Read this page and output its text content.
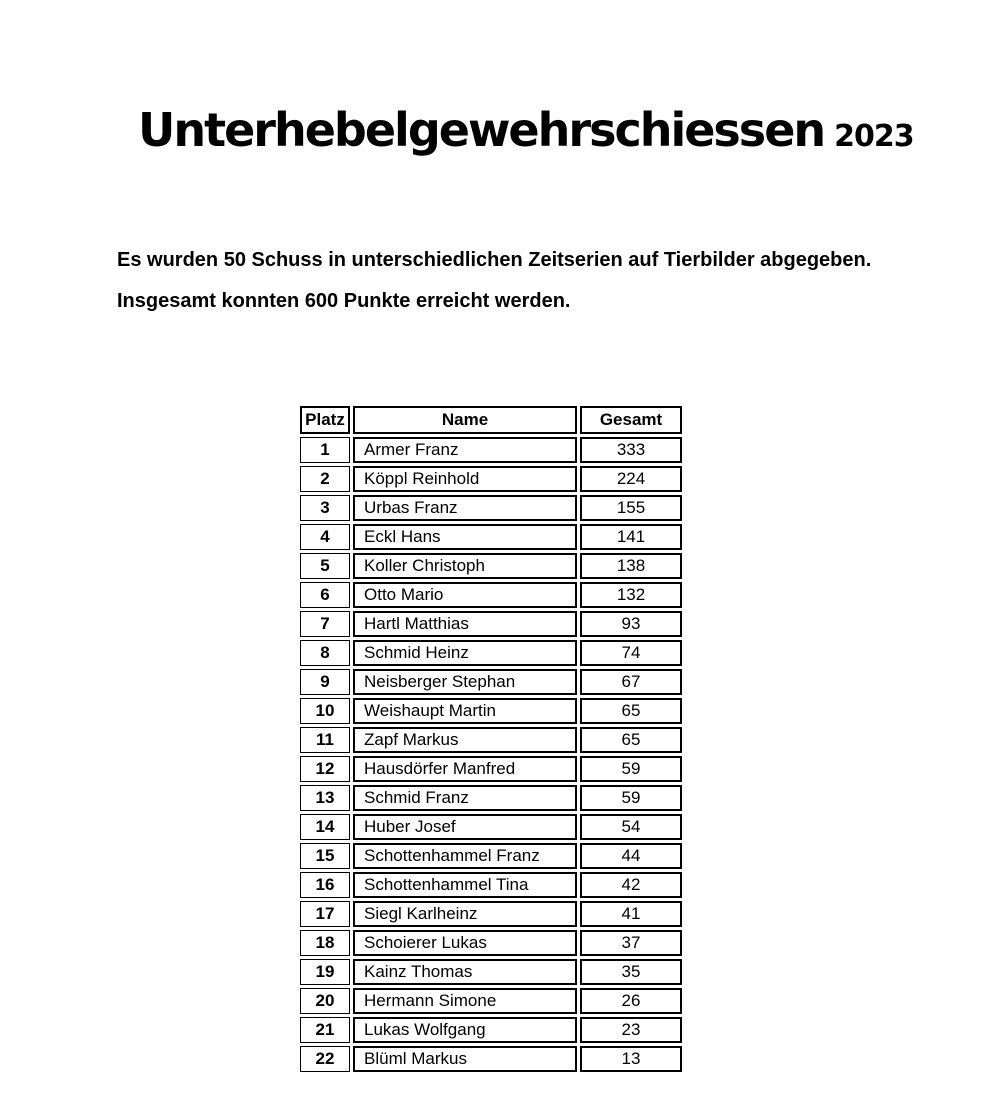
Unterhebelgewehrschiessen 2023
Es wurden 50 Schuss in unterschiedlichen Zeitserien auf Tierbilder abgegeben.
Insgesamt konnten 600 Punkte erreicht werden.
Platz	Name	Gesamt
1	Armer Franz	333
2	Köppl Reinhold	224
3	Urbas Franz	155
4	Eckl Hans	141
5	Koller Christoph	138
6	Otto Mario	132
7	Hartl Matthias	93
8	Schmid Heinz	74
9	Neisberger Stephan	67
10	Weishaupt Martin	65
11	Zapf Markus	65
12	Hausdörfer Manfred	59
13	Schmid Franz	59
14	Huber Josef	54
15	Schottenhammel Franz	44
16	Schottenhammel Tina	42
17	Siegl Karlheinz	41
18	Schoierer Lukas	37
19	Kainz Thomas	35
20	Hermann Simone	26
21	Lukas Wolfgang	23
22	Blüml Markus	13
